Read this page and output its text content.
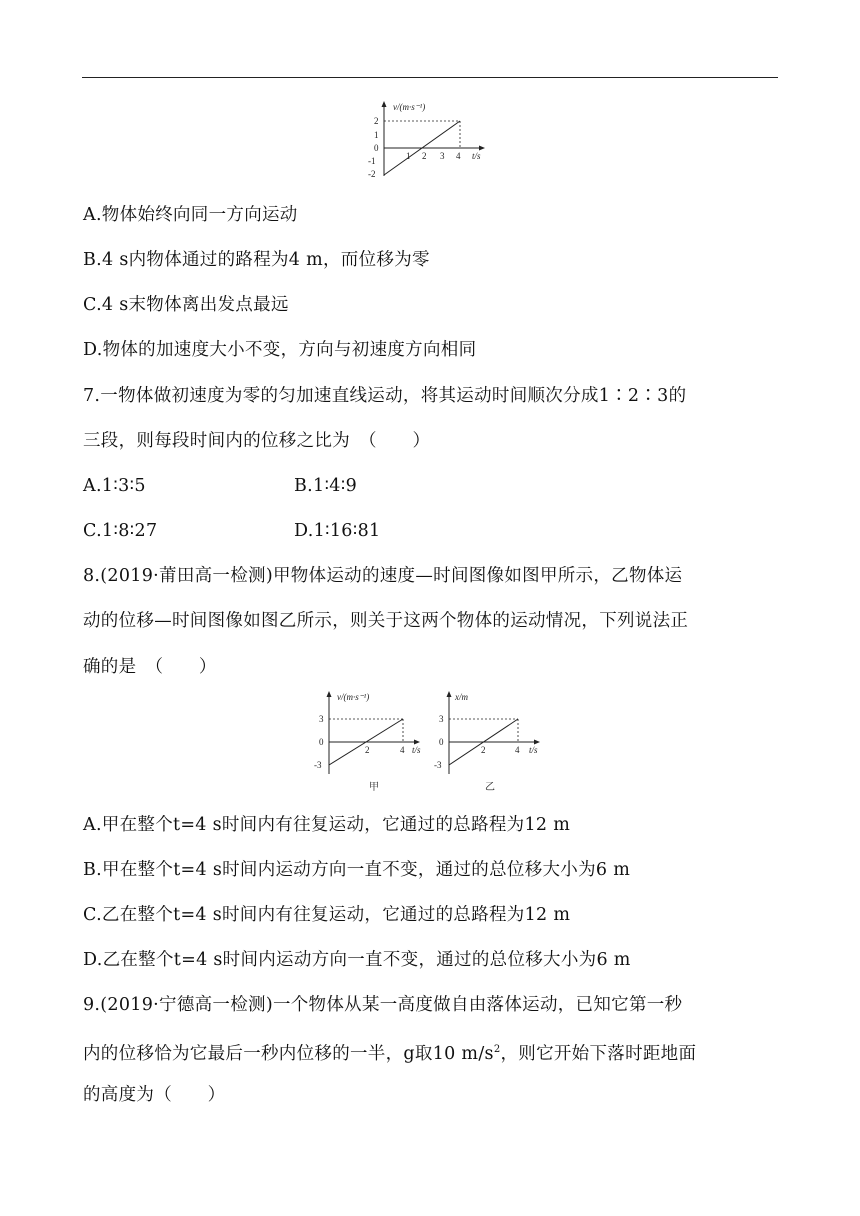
v/(m·s⁻¹)
2
1
0
-1
-2
1 2 3 4 t/s
A.物体始终向同一方向运动
B.4 s内物体通过的路程为4 m，而位移为零
C.4 s末物体离出发点最远
D.物体的加速度大小不变，方向与初速度方向相同
7.一物体做初速度为零的匀加速直线运动，将其运动时间顺次分成1∶2∶3的
三段，则每段时间内的位移之比为　（　　）
A.1∶3∶5	B.1∶4∶9
C.1∶8∶27	D.1∶16∶81
8.(2019·莆田高一检测)甲物体运动的速度—时间图像如图甲所示，乙物体运
动的位移—时间图像如图乙所示，则关于这两个物体的运动情况，下列说法正
确的是　（　　）
v/(m·s⁻¹)
3
0
-3
2	4 t/s
甲
x/m
3
0
-3
2	4 t/s
乙
A.甲在整个t=4 s时间内有往复运动，它通过的总路程为12 m
B.甲在整个t=4 s时间内运动方向一直不变，通过的总位移大小为6 m
C.乙在整个t=4 s时间内有往复运动，它通过的总路程为12 m
D.乙在整个t=4 s时间内运动方向一直不变，通过的总位移大小为6 m
9.(2019·宁德高一检测)一个物体从某一高度做自由落体运动，已知它第一秒
内的位移恰为它最后一秒内位移的一半，g取10 $m/s^2$，则它开始下落时距地面
的高度为（　　）
